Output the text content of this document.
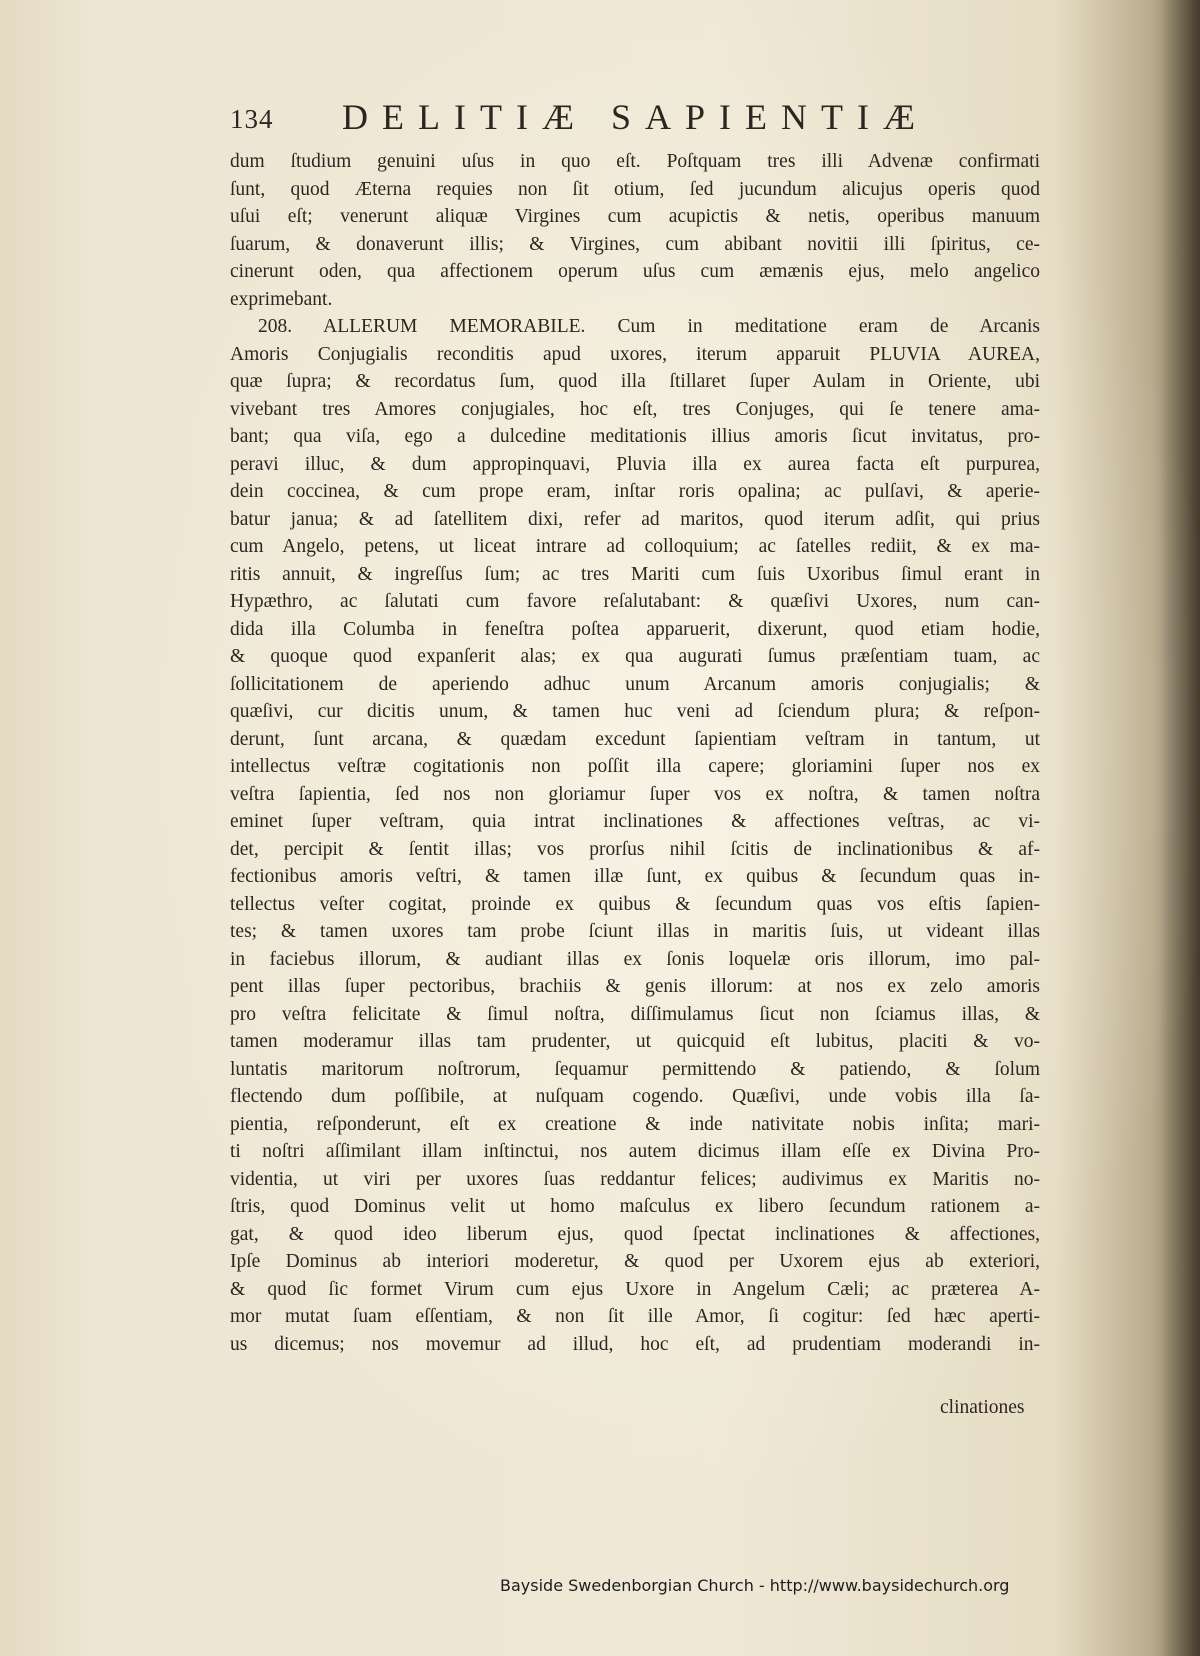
134 DELITIÆ SAPIENTIÆ
dum ſtudium genuini uſus in quo eſt. Poſtquam tres illi Advenæ confirmati
ſunt, quod Æterna requies non ſit otium, ſed jucundum alicujus operis quod
uſui eſt; venerunt aliquæ Virgines cum acupictis & netis, operibus manuum
ſuarum, & donaverunt illis; & Virgines, cum abibant novitii illi ſpiritus, ce-
cinerunt oden, qua affectionem operum uſus cum æmænis ejus, melo angelico
exprimebant.
208. ALLERUM MEMORABILE. Cum in meditatione eram de Arcanis
Amoris Conjugialis reconditis apud uxores, iterum apparuit PLUVIA AUREA,
quæ ſupra; & recordatus ſum, quod illa ſtillaret ſuper Aulam in Oriente, ubi
vivebant tres Amores conjugiales, hoc eſt, tres Conjuges, qui ſe tenere ama-
bant; qua viſa, ego a dulcedine meditationis illius amoris ſicut invitatus, pro-
peravi illuc, & dum appropinquavi, Pluvia illa ex aurea facta eſt purpurea,
dein coccinea, & cum prope eram, inſtar roris opalina; ac pulſavi, & aperie-
batur janua; & ad ſatellitem dixi, refer ad maritos, quod iterum adſit, qui prius
cum Angelo, petens, ut liceat intrare ad colloquium; ac ſatelles rediit, & ex ma-
ritis annuit, & ingreſſus ſum; ac tres Mariti cum ſuis Uxoribus ſimul erant in
Hypæthro, ac ſalutati cum favore reſalutabant: & quæſivi Uxores, num can-
dida illa Columba in feneſtra poſtea apparuerit, dixerunt, quod etiam hodie,
& quoque quod expanſerit alas; ex qua augurati ſumus præſentiam tuam, ac
ſollicitationem de aperiendo adhuc unum Arcanum amoris conjugialis; &
quæſivi, cur dicitis unum, & tamen huc veni ad ſciendum plura; & reſpon-
derunt, ſunt arcana, & quædam excedunt ſapientiam veſtram in tantum, ut
intellectus veſtræ cogitationis non poſſit illa capere; gloriamini ſuper nos ex
veſtra ſapientia, ſed nos non gloriamur ſuper vos ex noſtra, & tamen noſtra
eminet ſuper veſtram, quia intrat inclinationes & affectiones veſtras, ac vi-
det, percipit & ſentit illas; vos prorſus nihil ſcitis de inclinationibus & af-
fectionibus amoris veſtri, & tamen illæ ſunt, ex quibus & ſecundum quas in-
tellectus veſter cogitat, proinde ex quibus & ſecundum quas vos eſtis ſapien-
tes; & tamen uxores tam probe ſciunt illas in maritis ſuis, ut videant illas
in faciebus illorum, & audiant illas ex ſonis loquelæ oris illorum, imo pal-
pent illas ſuper pectoribus, brachiis & genis illorum: at nos ex zelo amoris
pro veſtra felicitate & ſimul noſtra, diſſimulamus ſicut non ſciamus illas, &
tamen moderamur illas tam prudenter, ut quicquid eſt lubitus, placiti & vo-
luntatis maritorum noſtrorum, ſequamur permittendo & patiendo, & ſolum
flectendo dum poſſibile, at nuſquam cogendo. Quæſivi, unde vobis illa ſa-
pientia, reſponderunt, eſt ex creatione & inde nativitate nobis inſita; mari-
ti noſtri aſſimilant illam inſtinctui, nos autem dicimus illam eſſe ex Divina Pro-
videntia, ut viri per uxores ſuas reddantur felices; audivimus ex Maritis no-
ſtris, quod Dominus velit ut homo maſculus ex libero ſecundum rationem a-
gat, & quod ideo liberum ejus, quod ſpectat inclinationes & affectiones,
Ipſe Dominus ab interiori moderetur, & quod per Uxorem ejus ab exteriori,
& quod ſic formet Virum cum ejus Uxore in Angelum Cæli; ac præterea A-
mor mutat ſuam eſſentiam, & non ſit ille Amor, ſi cogitur: ſed hæc aperti-
us dicemus; nos movemur ad illud, hoc eſt, ad prudentiam moderandi in-
clinationes
Bayside Swedenborgian Church - http://www.baysidechurch.org
